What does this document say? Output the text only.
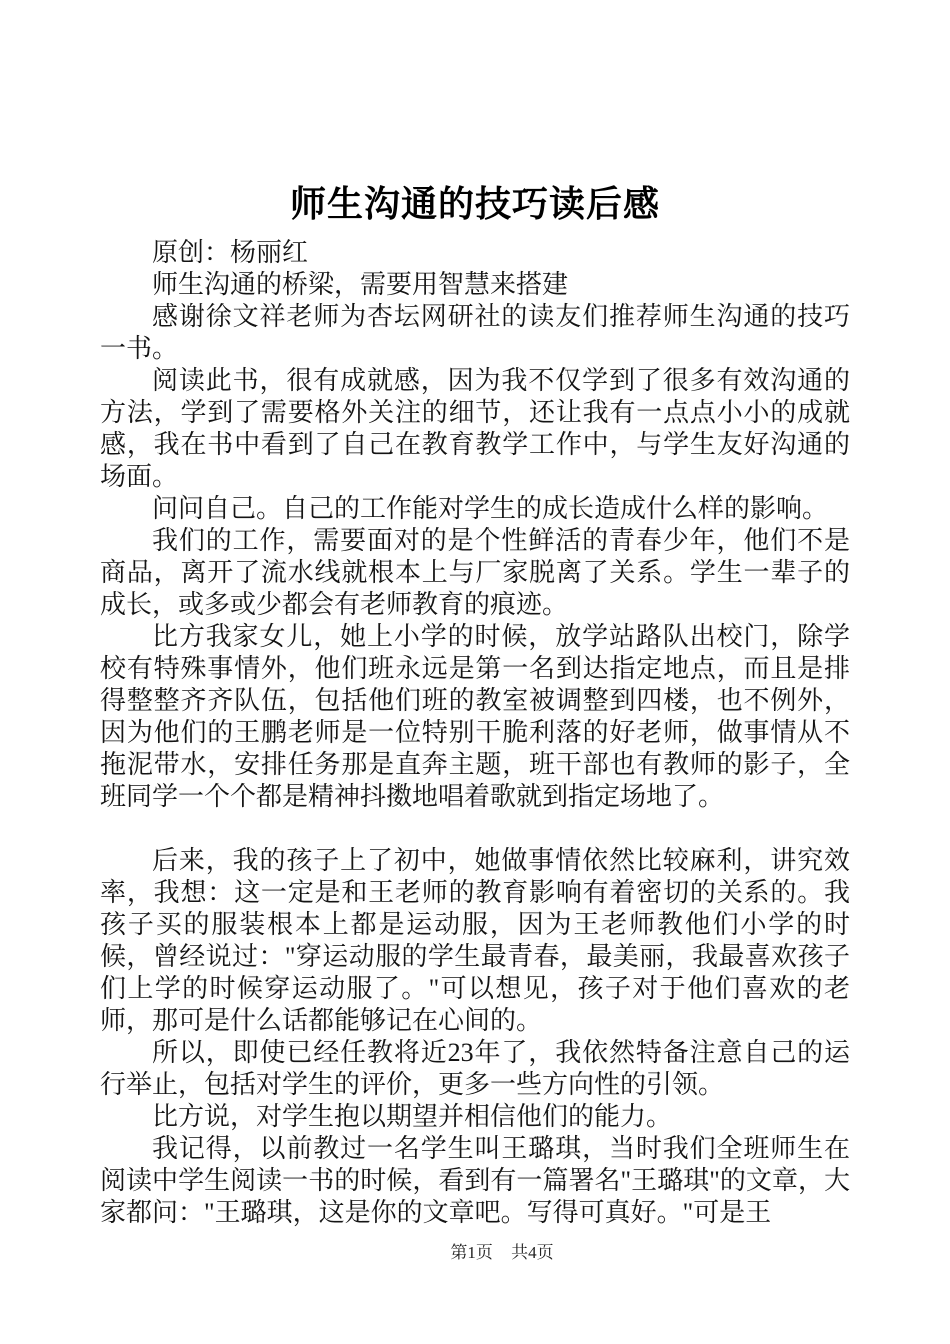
师生沟通的技巧读后感

原创：杨丽红

师生沟通的桥梁，需要用智慧来搭建

感谢徐文祥老师为杏坛网研社的读友们推荐师生沟通的技巧一书。

阅读此书，很有成就感，因为我不仅学到了很多有效沟通的方法，学到了需要格外关注的细节，还让我有一点点小小的成就感，我在书中看到了自己在教育教学工作中，与学生友好沟通的场面。

问问自己。自己的工作能对学生的成长造成什么样的影响。

我们的工作，需要面对的是个性鲜活的青春少年，他们不是商品，离开了流水线就根本上与厂家脱离了关系。学生一辈子的成长，或多或少都会有老师教育的痕迹。

比方我家女儿，她上小学的时候，放学站路队出校门，除学校有特殊事情外，他们班永远是第一名到达指定地点，而且是排得整整齐齐队伍，包括他们班的教室被调整到四楼，也不例外，因为他们的王鹏老师是一位特别干脆利落的好老师，做事情从不拖泥带水，安排任务那是直奔主题，班干部也有教师的影子，全班同学一个个都是精神抖擞地唱着歌就到指定场地了。

后来，我的孩子上了初中，她做事情依然比较麻利，讲究效率，我想：这一定是和王老师的教育影响有着密切的关系的。我孩子买的服装根本上都是运动服，因为王老师教他们小学的时候，曾经说过："穿运动服的学生最青春，最美丽，我最喜欢孩子们上学的时候穿运动服了。"可以想见，孩子对于他们喜欢的老师，那可是什么话都能够记在心间的。

所以，即使已经任教将近23年了，我依然特备注意自己的运行举止，包括对学生的评价，更多一些方向性的引领。

比方说，对学生抱以期望并相信他们的能力。

我记得，以前教过一名学生叫王璐琪，当时我们全班师生在阅读中学生阅读一书的时候，看到有一篇署名"王璐琪"的文章，大家都问："王璐琪，这是你的文章吧。写得可真好。"可是王

第1页 共4页
